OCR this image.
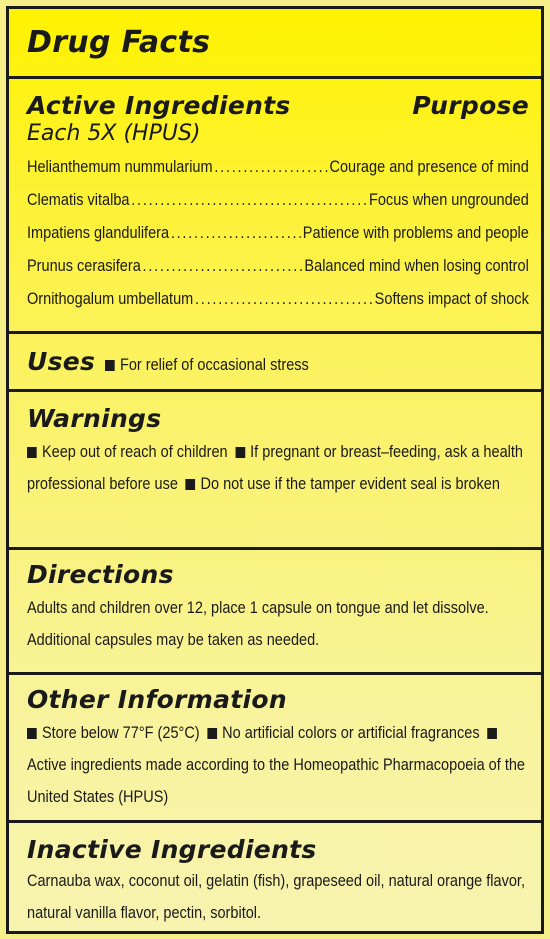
Drug Facts
Active Ingredients	Purpose
Each 5X (HPUS)
Helianthemum nummularium .....	Courage and presence of mind
Clematis vitalba .....	Focus when ungrounded
Impatiens glandulifera .....	Patience with problems and people
Prunus cerasifera .....	Balanced mind when losing control
Ornithogalum umbellatum .....	Softens impact of shock
Uses	For relief of occasional stress
Warnings
Keep out of reach of children If pregnant or breast–feeding, ask a health professional before use Do not use if the tamper evident seal is broken
Directions
Adults and children over 12, place 1 capsule on tongue and let dissolve. Additional capsules may be taken as needed.
Other Information
Store below 77°F (25°C) No artificial colors or artificial fragrances Active ingredients made according to the Homeopathic Pharmacopoeia of the United States (HPUS)
Inactive Ingredients
Carnauba wax, coconut oil, gelatin (fish), grapeseed oil, natural orange flavor, natural vanilla flavor, pectin, sorbitol.
